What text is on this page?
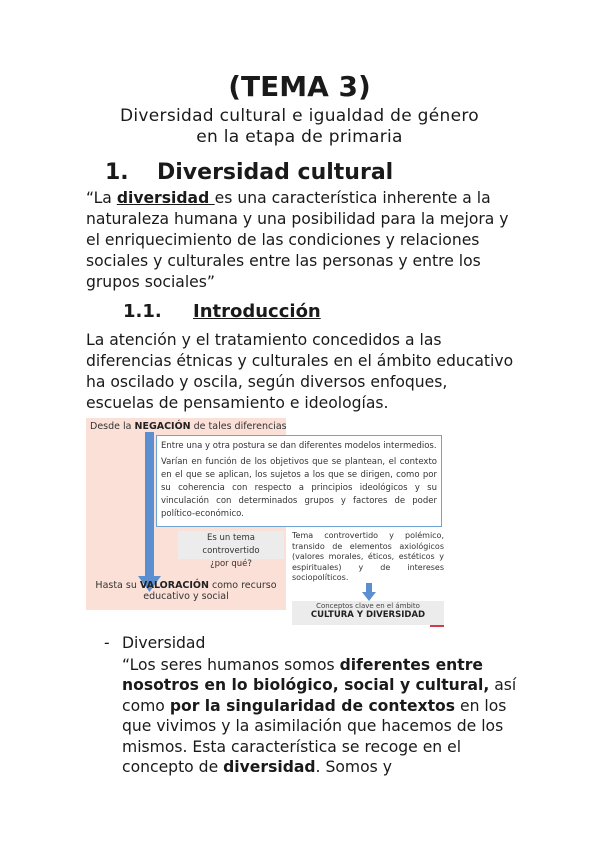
(TEMA 3)
Diversidad cultural e igualdad de género
en la etapa de primaria
1. Diversidad cultural
“La diversidad es una característica inherente a la naturaleza humana y una posibilidad para la mejora y el enriquecimiento de las condiciones y relaciones sociales y culturales entre las personas y entre los grupos sociales”
1.1. Introducción
La atención y el tratamiento concedidos a las diferencias étnicas y culturales en el ámbito educativo ha oscilado y oscila, según diversos enfoques, escuelas de pensamiento e ideologías.
Desde la NEGACIÓN de tales diferencias
Entre una y otra postura se dan diferentes modelos intermedios.
Varían en función de los objetivos que se plantean, el contexto en el que se aplican, los sujetos a los que se dirigen, como por su coherencia con respecto a principios ideológicos y su vinculación con determinados grupos y factores de poder político-económico.
Es un tema controvertido
¿por qué?
Tema controvertido y polémico, transido de elementos axiológicos (valores morales, éticos, estéticos y espirituales) y de intereses sociopolíticos.
Hasta su VALORACIÓN como recurso
educativo y social
Conceptos clave en el ámbito
CULTURA Y DIVERSIDAD
- Diversidad
“Los seres humanos somos diferentes entre nosotros en lo biológico, social y cultural, así como por la singularidad de contextos en los que vivimos y la asimilación que hacemos de los mismos. Esta característica se recoge en el concepto de diversidad. Somos y
